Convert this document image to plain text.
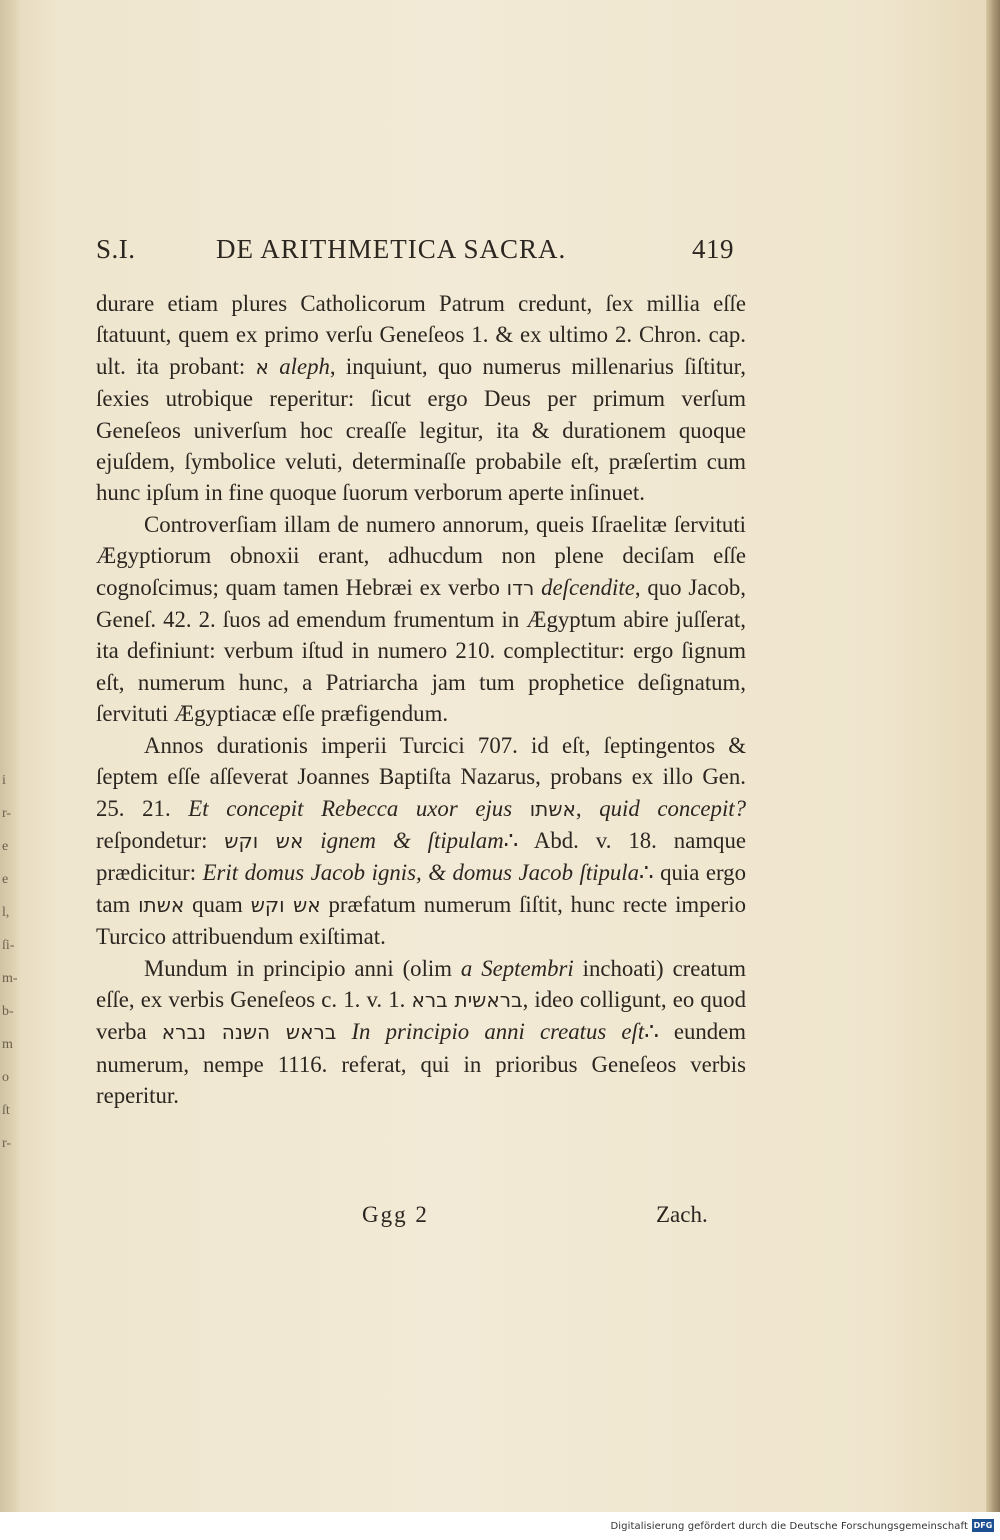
i
r-
e
e
l,
ſi-
m-
b-
m
o
ſt
r-
S.I.	DE ARITHMETICA SACRA.	419

durare etiam plures Catholicorum Patrum credunt, ſex millia eſſe ſtatuunt, quem ex primo verſu Geneſeos 1. & ex ultimo 2. Chron. cap. ult. ita probant: א aleph, inquiunt, quo numerus millenarius ſiſtitur, ſexies utrobique reperitur: ſicut ergo Deus per primum verſum Geneſeos univerſum hoc creaſſe legitur, ita & durationem quoque ejuſdem, ſymbolice veluti, determinaſſe probabile eſt, præſertim cum hunc ipſum in fine quoque ſuorum verborum aperte inſinuet.

Controverſiam illam de numero annorum, queis Iſraelitæ ſervituti Ægyptiorum obnoxii erant, adhucdum non plene deciſam eſſe cognoſcimus; quam tamen Hebræi ex verbo רדו deſcendite, quo Jacob, Geneſ. 42. 2. ſuos ad emendum frumentum in Ægyptum abire juſſerat, ita definiunt: verbum iſtud in numero 210. complectitur: ergo ſignum eſt, numerum hunc, a Patriarcha jam tum prophetice deſignatum, ſervituti Ægyptiacæ eſſe præfigendum.

Annos durationis imperii Turcici 707. id eſt, ſeptingentos & ſeptem eſſe aſſeverat Joannes Baptiſta Nazarus, probans ex illo Gen. 25. 21. Et concepit Rebecca uxor ejus אשתו, quid concepit? reſpondetur: אש וקש ignem & ſtipulam∴ Abd. v. 18. namque prædicitur: Erit domus Jacob ignis, & domus Jacob ſtipula∴ quia ergo tam אשתו quam אש וקש præfatum numerum ſiſtit, hunc recte imperio Turcico attribuendum exiſtimat.

Mundum in principio anni (olim a Septembri inchoati) creatum eſſe, ex verbis Geneſeos c. 1. v. 1. בראשית ברא, ideo colligunt, eo quod verba בראש השנה נברא In principio anni creatus eſt∴ eundem numerum, nempe 1116. referat, qui in prioribus Geneſeos verbis reperitur.

Ggg 2	Zach.
Digitalisierung gefördert durch die Deutsche Forschungsgemeinschaft DFG
